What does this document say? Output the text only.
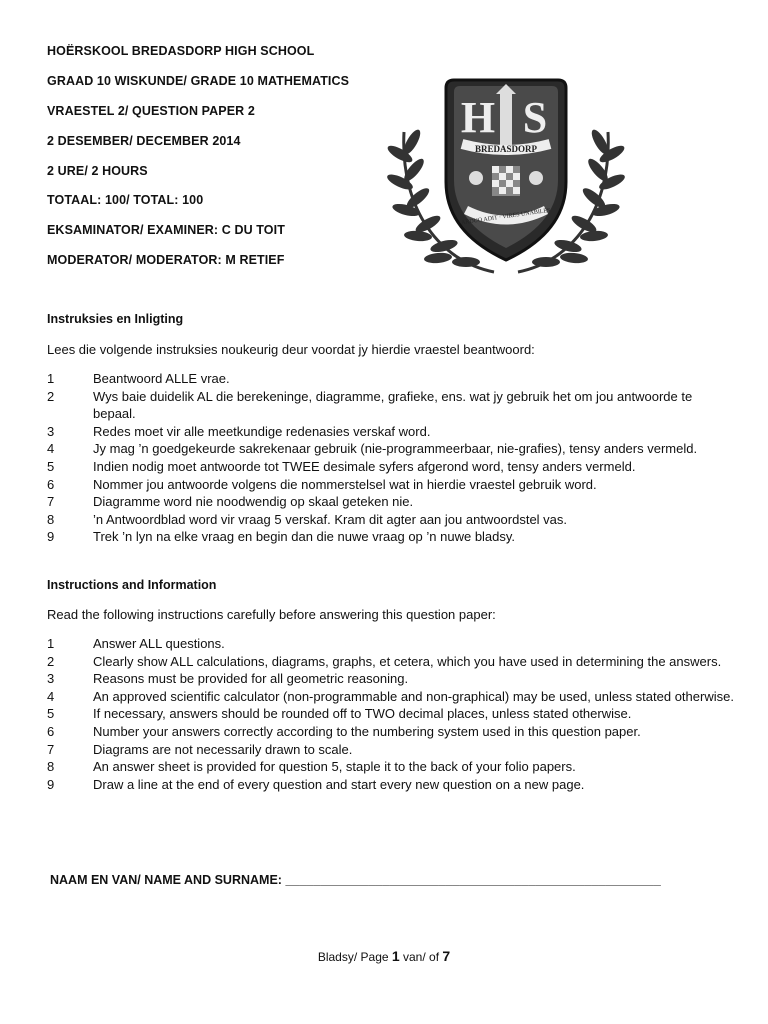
HOËRSKOOL BREDASDORP HIGH SCHOOL
GRAAD 10 WISKUNDE/ GRADE 10 MATHEMATICS
VRAESTEL 2/ QUESTION PAPER 2
2 DESEMBER/ DECEMBER 2014
2 URE/ 2 HOURS
TOTAAL: 100/ TOTAL: 100
EKSAMINATOR/ EXAMINER: C DU TOIT
MODERATOR/ MODERATOR: M RETIEF
H S
BREDASDORP
ARDUO ADIT · VIRES UNABILES
Instruksies en Inligting
Lees die volgende instruksies noukeurig deur voordat jy hierdie vraestel beantwoord:
1	Beantwoord ALLE vrae.
2	Wys baie duidelik AL die berekeninge, diagramme, grafieke, ens. wat jy gebruik het om jou antwoorde te bepaal.
3	Redes moet vir alle meetkundige redenasies verskaf word.
4	Jy mag ’n goedgekeurde sakrekenaar gebruik (nie-programmeerbaar, nie-grafies), tensy anders vermeld.
5	Indien nodig moet antwoorde tot TWEE desimale syfers afgerond word, tensy anders vermeld.
6	Nommer jou antwoorde volgens die nommerstelsel wat in hierdie vraestel gebruik word.
7	Diagramme word nie noodwendig op skaal geteken nie.
8	’n Antwoordblad word vir vraag 5 verskaf. Kram dit agter aan jou antwoordstel vas.
9	Trek ’n lyn na elke vraag en begin dan die nuwe vraag op ’n nuwe bladsy.
Instructions and Information
Read the following instructions carefully before answering this question paper:
1	Answer ALL questions.
2	Clearly show ALL calculations, diagrams, graphs, et cetera, which you have used in determining the answers.
3	Reasons must be provided for all geometric reasoning.
4	An approved scientific calculator (non-programmable and non-graphical) may be used, unless stated otherwise.
5	If necessary, answers should be rounded off to TWO decimal places, unless stated otherwise.
6	Number your answers correctly according to the numbering system used in this question paper.
7	Diagrams are not necessarily drawn to scale.
8	An answer sheet is provided for question 5, staple it to the back of your folio papers.
9	Draw a line at the end of every question and start every new question on a new page.
NAAM EN VAN/ NAME AND SURNAME: ______________________________________________________
Bladsy/ Page 1 van/ of 7
